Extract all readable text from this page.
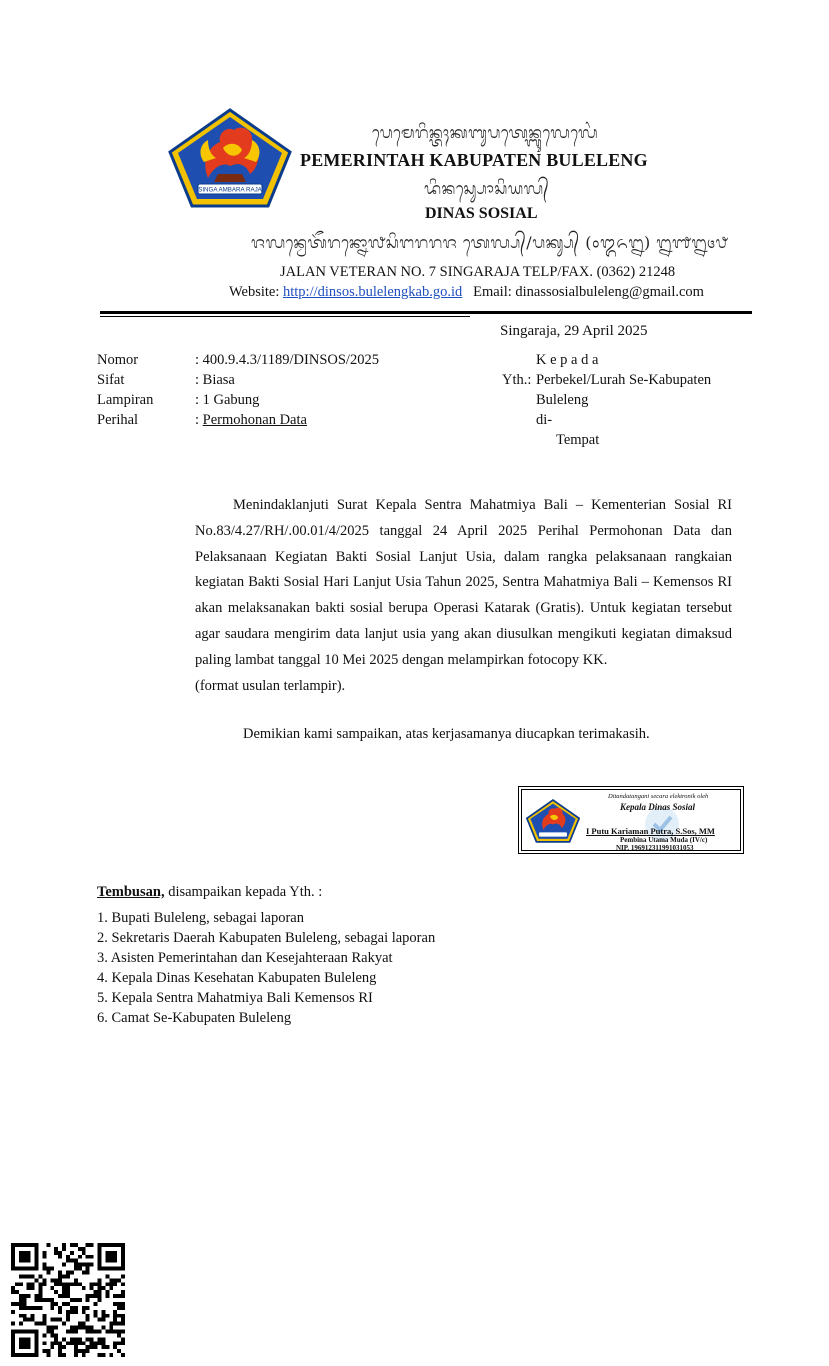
SINGA AMBARA RAJA
ᬧᬾᬫᬾᬭᬶᬦ᭄ᬢᬄᬓᬩᬸᬧᬢᬾᬦ᭄ᬩᬸᬮᬾᬮᬾᬂ
PEMERINTAH KABUPATEN BULELENG
ᬤᬶᬦᬲ᭄ᬲᭀᬲᬶᬬᬮ᭄
DINAS SOSIAL
ᬚᬮᬦ᭄ᬯᬾᬢᭂᬭᬦ᭄ᬦᭀ᭗ᬲᬶᬗᬭᬭᬚ ᬢᬾᬮ᭄ᬧ᭄/ᬧᬓ᭄ᬲ᭄ (᭐᭓᭖᭒) ᭒᭑᭒᭔᭘
JALAN VETERAN NO. 7 SINGARAJA TELP/FAX. (0362) 21248
Website: http://dinsos.bulelengkab.go.id Email: dinassosialbuleleng@gmail.com
Singaraja, 29 April 2025
Nomor	: 400.9.4.3/1189/DINSOS/2025
Sifat	: Biasa
Lampiran	: 1 Gabung
Perihal	: Permohonan Data
K e p a d a
Yth.: Perbekel/Lurah Se-Kabupaten
Buleleng
di-
Tempat
Menindaklanjuti Surat Kepala Sentra Mahatmiya Bali – Kementerian Sosial RI No.83/4.27/RH/.00.01/4/2025 tanggal 24 April 2025 Perihal Permohonan Data dan Pelaksanaan Kegiatan Bakti Sosial Lanjut Usia, dalam rangka pelaksanaan rangkaian kegiatan Bakti Sosial Hari Lanjut Usia Tahun 2025, Sentra Mahatmiya Bali – Kemensos RI akan melaksanakan bakti sosial berupa Operasi Katarak (Gratis). Untuk kegiatan tersebut agar saudara mengirim data lanjut usia yang akan diusulkan mengikuti kegiatan dimaksud paling lambat tanggal 10 Mei 2025 dengan melampirkan fotocopy KK.
(format usulan terlampir).
Demikian kami sampaikan, atas kerjasamanya diucapkan terimakasih.
Ditandatangani secara elektronik oleh
Kepala Dinas Sosial
I Putu Kariaman Putra, S.Sos, MM
Pembina Utama Muda (IV/c)
NIP. 196912311991031053
Tembusan, disampaikan kepada Yth. :
1. Bupati Buleleng, sebagai laporan
2. Sekretaris Daerah Kabupaten Buleleng, sebagai laporan
3. Asisten Pemerintahan dan Kesejahteraan Rakyat
4. Kepala Dinas Kesehatan Kabupaten Buleleng
5. Kepala Sentra Mahatmiya Bali Kemensos RI
6. Camat Se-Kabupaten Buleleng
